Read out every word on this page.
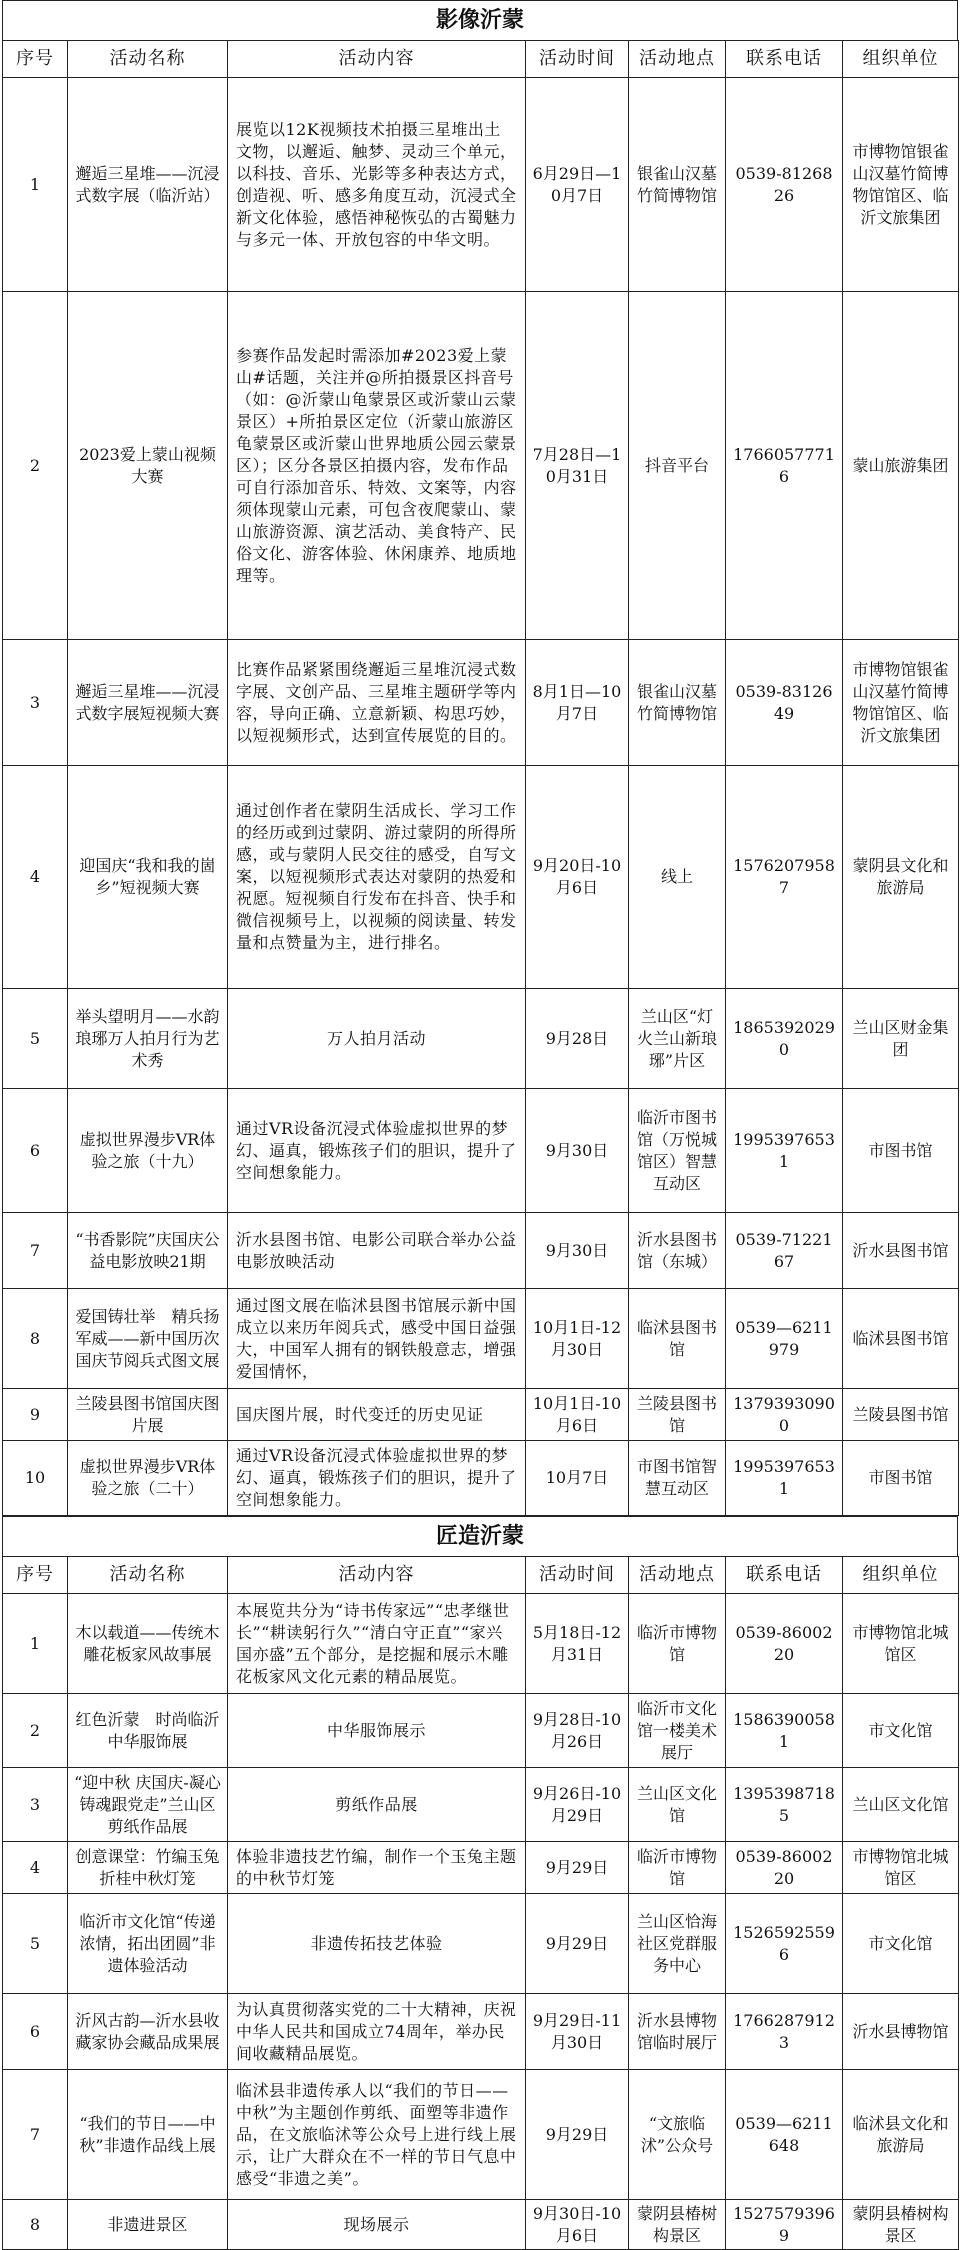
影像沂蒙
序号	活动名称	活动内容	活动时间	活动地点	联系电话	组织单位
1	邂逅三星堆——沉浸式数字展（临沂站）	展览以12K视频技术拍摄三星堆出土文物，以邂逅、触梦、灵动三个单元，以科技、音乐、光影等多种表达方式，创造视、听、感多角度互动，沉浸式全新文化体验，感悟神秘恢弘的古蜀魅力与多元一体、开放包容的中华文明。	6月29日—10月7日	银雀山汉墓竹简博物馆	0539-8126826	市博物馆银雀山汉墓竹简博物馆馆区、临沂文旅集团
2	2023爱上蒙山视频大赛	参赛作品发起时需添加#2023爱上蒙山#话题，关注并@所拍摄景区抖音号（如：@沂蒙山龟蒙景区或沂蒙山云蒙景区）+所拍景区定位（沂蒙山旅游区龟蒙景区或沂蒙山世界地质公园云蒙景区）；区分各景区拍摄内容，发布作品可自行添加音乐、特效、文案等，内容须体现蒙山元素，可包含夜爬蒙山、蒙山旅游资源、演艺活动、美食特产、民俗文化、游客体验、休闲康养、地质地理等。	7月28日—10月31日	抖音平台	17660577716	蒙山旅游集团
3	邂逅三星堆——沉浸式数字展短视频大赛	比赛作品紧紧围绕邂逅三星堆沉浸式数字展、文创产品、三星堆主题研学等内容，导向正确、立意新颖、构思巧妙，以短视频形式，达到宣传展览的目的。	8月1日—10月7日	银雀山汉墓竹简博物馆	0539-8312649	市博物馆银雀山汉墓竹简博物馆馆区、临沂文旅集团
4	迎国庆“我和我的崮乡”短视频大赛	通过创作者在蒙阴生活成长、学习工作的经历或到过蒙阴、游过蒙阴的所得所感，或与蒙阴人民交往的感受，自写文案，以短视频形式表达对蒙阴的热爱和祝愿。短视频自行发布在抖音、快手和微信视频号上，以视频的阅读量、转发量和点赞量为主，进行排名。	9月20日-10月6日	线上	15762079587	蒙阴县文化和旅游局
5	举头望明月——水韵琅琊万人拍月行为艺术秀	万人拍月活动	9月28日	兰山区“灯火兰山新琅琊”片区	18653920290	兰山区财金集团
6	虚拟世界漫步VR体验之旅（十九）	通过VR设备沉浸式体验虚拟世界的梦幻、逼真，锻炼孩子们的胆识，提升了空间想象能力。	9月30日	临沂市图书馆（万悦城馆区）智慧互动区	19953976531	市图书馆
7	“书香影院”庆国庆公益电影放映21期	沂水县图书馆、电影公司联合举办公益电影放映活动	9月30日	沂水县图书馆（东城）	0539-7122167	沂水县图书馆
8	爱国铸壮举　精兵扬军威——新中国历次国庆节阅兵式图文展	通过图文展在临沭县图书馆展示新中国成立以来历年阅兵式，感受中国日益强大，中国军人拥有的钢铁般意志，增强爱国情怀，	10月1日-12月30日	临沭县图书馆	0539—6211979	临沭县图书馆
9	兰陵县图书馆国庆图片展	国庆图片展，时代变迁的历史见证	10月1日-10月6日	兰陵县图书馆	13793930900	兰陵县图书馆
10	虚拟世界漫步VR体验之旅（二十）	通过VR设备沉浸式体验虚拟世界的梦幻、逼真，锻炼孩子们的胆识，提升了空间想象能力。	10月7日	市图书馆智慧互动区	19953976531	市图书馆
匠造沂蒙
序号	活动名称	活动内容	活动时间	活动地点	联系电话	组织单位
1	木以载道——传统木雕花板家风故事展	本展览共分为“诗书传家远”“忠孝继世长”“耕读躬行久”“清白守正直”“家兴国亦盛”五个部分，是挖掘和展示木雕花板家风文化元素的精品展览。	5月18日-12月31日	临沂市博物馆	0539-8600220	市博物馆北城馆区
2	红色沂蒙　时尚临沂中华服饰展	中华服饰展示	9月28日-10月26日	临沂市文化馆一楼美术展厅	15863900581	市文化馆
3	“迎中秋 庆国庆-凝心铸魂跟党走”兰山区剪纸作品展	剪纸作品展	9月26日-10月29日	兰山区文化馆	13953987185	兰山区文化馆
4	创意课堂：竹编玉兔折桂中秋灯笼	体验非遗技艺竹编，制作一个玉兔主题的中秋节灯笼	9月29日	临沂市博物馆	0539-8600220	市博物馆北城馆区
5	临沂市文化馆“传递浓情，拓出团圆”非遗体验活动	非遗传拓技艺体验	9月29日	兰山区恰海社区党群服务中心	15265925596	市文化馆
6	沂风古韵—沂水县收藏家协会藏品成果展	为认真贯彻落实党的二十大精神，庆祝中华人民共和国成立74周年，举办民间收藏精品展览。	9月29日-11月30日	沂水县博物馆临时展厅	17662879123	沂水县博物馆
7	“我们的节日——中秋”非遗作品线上展	临沭县非遗传承人以“我们的节日——中秋”为主题创作剪纸、面塑等非遗作品，在文旅临沭等公众号上进行线上展示，让广大群众在不一样的节日气息中感受“非遗之美”。	9月29日	“文旅临沭”公众号	0539—6211648	临沭县文化和旅游局
8	非遗进景区	现场展示	9月30日-10月6日	蒙阴县椿树构景区	15275793969	蒙阴县椿树构景区
